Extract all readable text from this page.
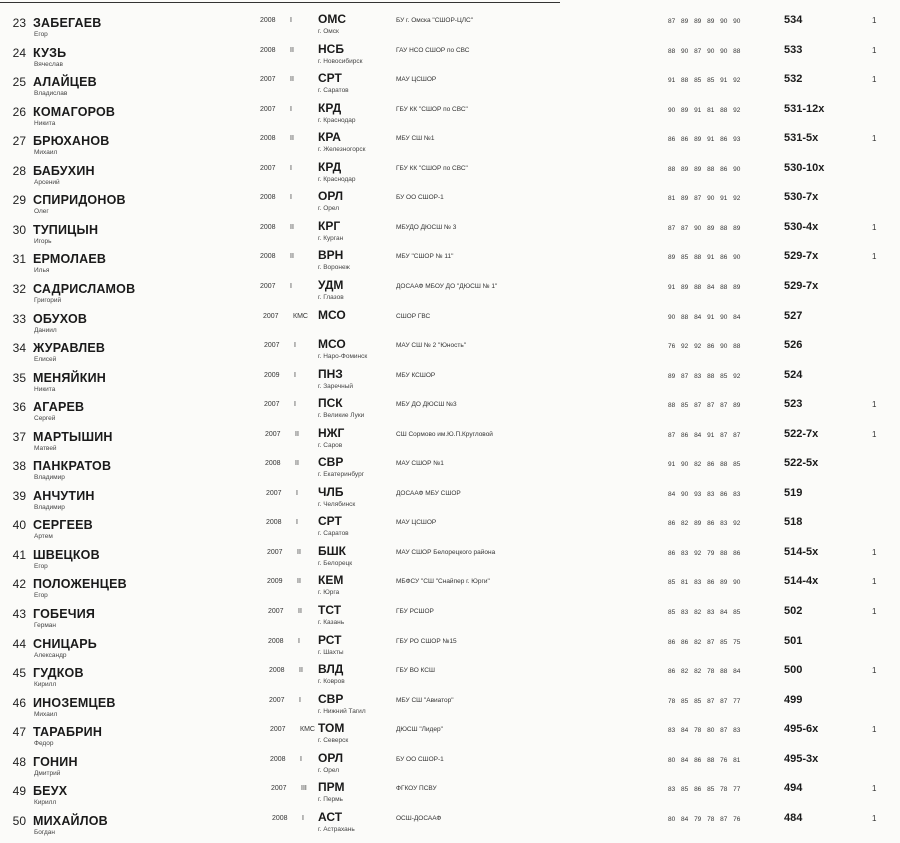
23 ЗАБЕГАЕВ
Егор
2008 I ОМС
г. Омск
БУ г. Омска "СШОР-ЦЛС"	87 89 89 89 90 90	534	1
24 КУЗЬ
Вячеслав
2008 II НСБ
г. Новосибирск
ГАУ НСО СШОР по СВС	88 90 87 90 90 88	533	1
25 АЛАЙЦЕВ
Владислав
2007 II СРТ
г. Саратов
МАУ ЦСШОР	91 88 85 85 91 92	532	1
26 КОМАГОРОВ
Никита
2007 I КРД
г. Краснодар
ГБУ КК "СШОР по СВС"	90 89 91 81 88 92	531-12x
27 БРЮХАНОВ
Михаил
2008 II КРА
г. Железногорск
МБУ СШ №1	86 86 89 91 86 93	531-5x	1
28 БАБУХИН
Арсений
2007 I КРД
г. Краснодар
ГБУ КК "СШОР по СВС"	88 89 89 88 86 90	530-10x
29 СПИРИДОНОВ
Олег
2008 I ОРЛ
г. Орел
БУ ОО СШОР-1	81 89 87 90 91 92	530-7x
30 ТУПИЦЫН
Игорь
2008 II КРГ
г. Курган
МБУДО ДЮСШ № 3	87 87 90 89 88 89	530-4x	1
31 ЕРМОЛАЕВ
Илья
2008 II ВРН
г. Воронеж
МБУ "СШОР № 11"	89 85 88 91 86 90	529-7x	1
32 САДРИСЛАМОВ
Григорий
2007 I УДМ
г. Глазов
ДОСААФ МБОУ ДО "ДЮСШ № 1"	91 89 88 84 88 89	529-7x
33 ОБУХОВ
Даниил
2007 КМС МСО	СШОР ГВС	90 88 84 91 90 84	527
34 ЖУРАВЛЕВ
Елисей
2007 I МСО
г. Наро-Фоминск
МАУ СШ № 2 "Юность"	76 92 92 86 90 88	526
35 МЕНЯЙКИН
Никита
2009 I ПНЗ
г. Заречный
МБУ КСШОР	89 87 83 88 85 92	524
36 АГАРЕВ
Сергей
2007 I ПСК
г. Великие Луки
МБУ ДО ДЮСШ №3	88 85 87 87 87 89	523	1
37 МАРТЫШИН
Матвей
2007 II НЖГ
г. Саров
СШ Сормово им.Ю.П.Кругловой	87 86 84 91 87 87	522-7x	1
38 ПАНКРАТОВ
Владимир
2008 II СВР
г. Екатеринбург
МАУ СШОР №1	91 90 82 86 88 85	522-5x
39 АНЧУТИН
Владимир
2007 I ЧЛБ
г. Челябинск
ДОСААФ МБУ СШОР	84 90 93 83 86 83	519
40 СЕРГЕЕВ
Артем
2008 I СРТ
г. Саратов
МАУ ЦСШОР	86 82 89 86 83 92	518
41 ШВЕЦКОВ
Егор
2007 II БШК
г. Белорецк
МАУ СШОР Белорецкого района	86 83 92 79 88 86	514-5x	1
42 ПОЛОЖЕНЦЕВ
Егор
2009 II КЕМ
г. Юрга
МБФСУ "СШ "Снайпер г. Юрги"	85 81 83 86 89 90	514-4x	1
43 ГОБЕЧИЯ
Герман
2007 II ТСТ
г. Казань
ГБУ РСШОР	85 83 82 83 84 85	502	1
44 СНИЦАРЬ
Александр
2008 I РСТ
г. Шахты
ГБУ РО СШОР №15	86 86 82 87 85 75	501
45 ГУДКОВ
Кирилл
2008 II ВЛД
г. Ковров
ГБУ ВО КСШ	86 82 82 78 88 84	500	1
46 ИНОЗЕМЦЕВ
Михаил
2007 I СВР
г. Нижний Тагил
МБУ СШ "Авиатор"	78 85 85 87 87 77	499
47 ТАРАБРИН
Федор
2007 КМС ТОМ
г. Северск
ДЮСШ "Лидер"	83 84 78 80 87 83	495-6x	1
48 ГОНИН
Дмитрий
2008 I ОРЛ
г. Орел
БУ ОО СШОР-1	80 84 86 88 76 81	495-3x
49 БЕУХ
Кирилл
2007 III ПРМ
г. Пермь
ФГКОУ ПСВУ	83 85 86 85 78 77	494	1
50 МИХАЙЛОВ
Богдан
2008 I АСТ
г. Астрахань
ОСШ-ДОСААФ	80 84 79 78 87 76	484	1
